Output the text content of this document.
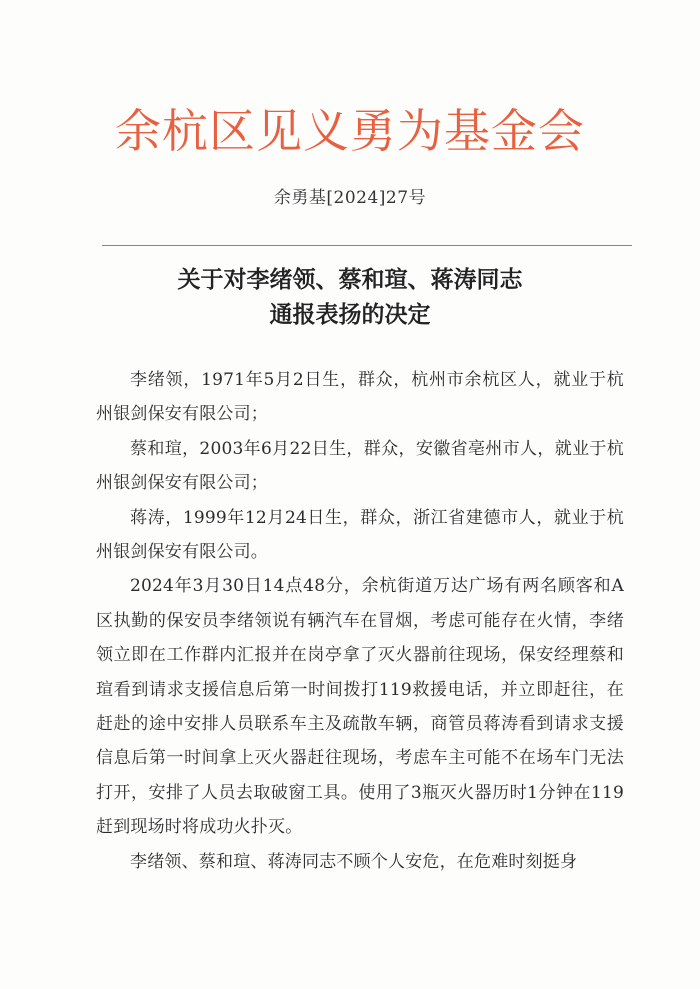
余杭区见义勇为基金会
余勇基[2024]27号
关于对李绪领、蔡和瑄、蒋涛同志
通报表扬的决定

李绪领，1971年5月2日生，群众，杭州市余杭区人，就业于杭州银剑保安有限公司；

蔡和瑄，2003年6月22日生，群众，安徽省亳州市人，就业于杭州银剑保安有限公司；

蒋涛，1999年12月24日生，群众，浙江省建德市人，就业于杭州银剑保安有限公司。

2024年3月30日14点48分，余杭街道万达广场有两名顾客和A区执勤的保安员李绪领说有辆汽车在冒烟，考虑可能存在火情，李绪领立即在工作群内汇报并在岗亭拿了灭火器前往现场，保安经理蔡和瑄看到请求支援信息后第一时间拨打119救援电话，并立即赶往，在赶赴的途中安排人员联系车主及疏散车辆，商管员蒋涛看到请求支援信息后第一时间拿上灭火器赶往现场，考虑车主可能不在场车门无法打开，安排了人员去取破窗工具。使用了3瓶灭火器历时1分钟在119赶到现场时将成功火扑灭。

李绪领、蔡和瑄、蒋涛同志不顾个人安危，在危难时刻挺身
